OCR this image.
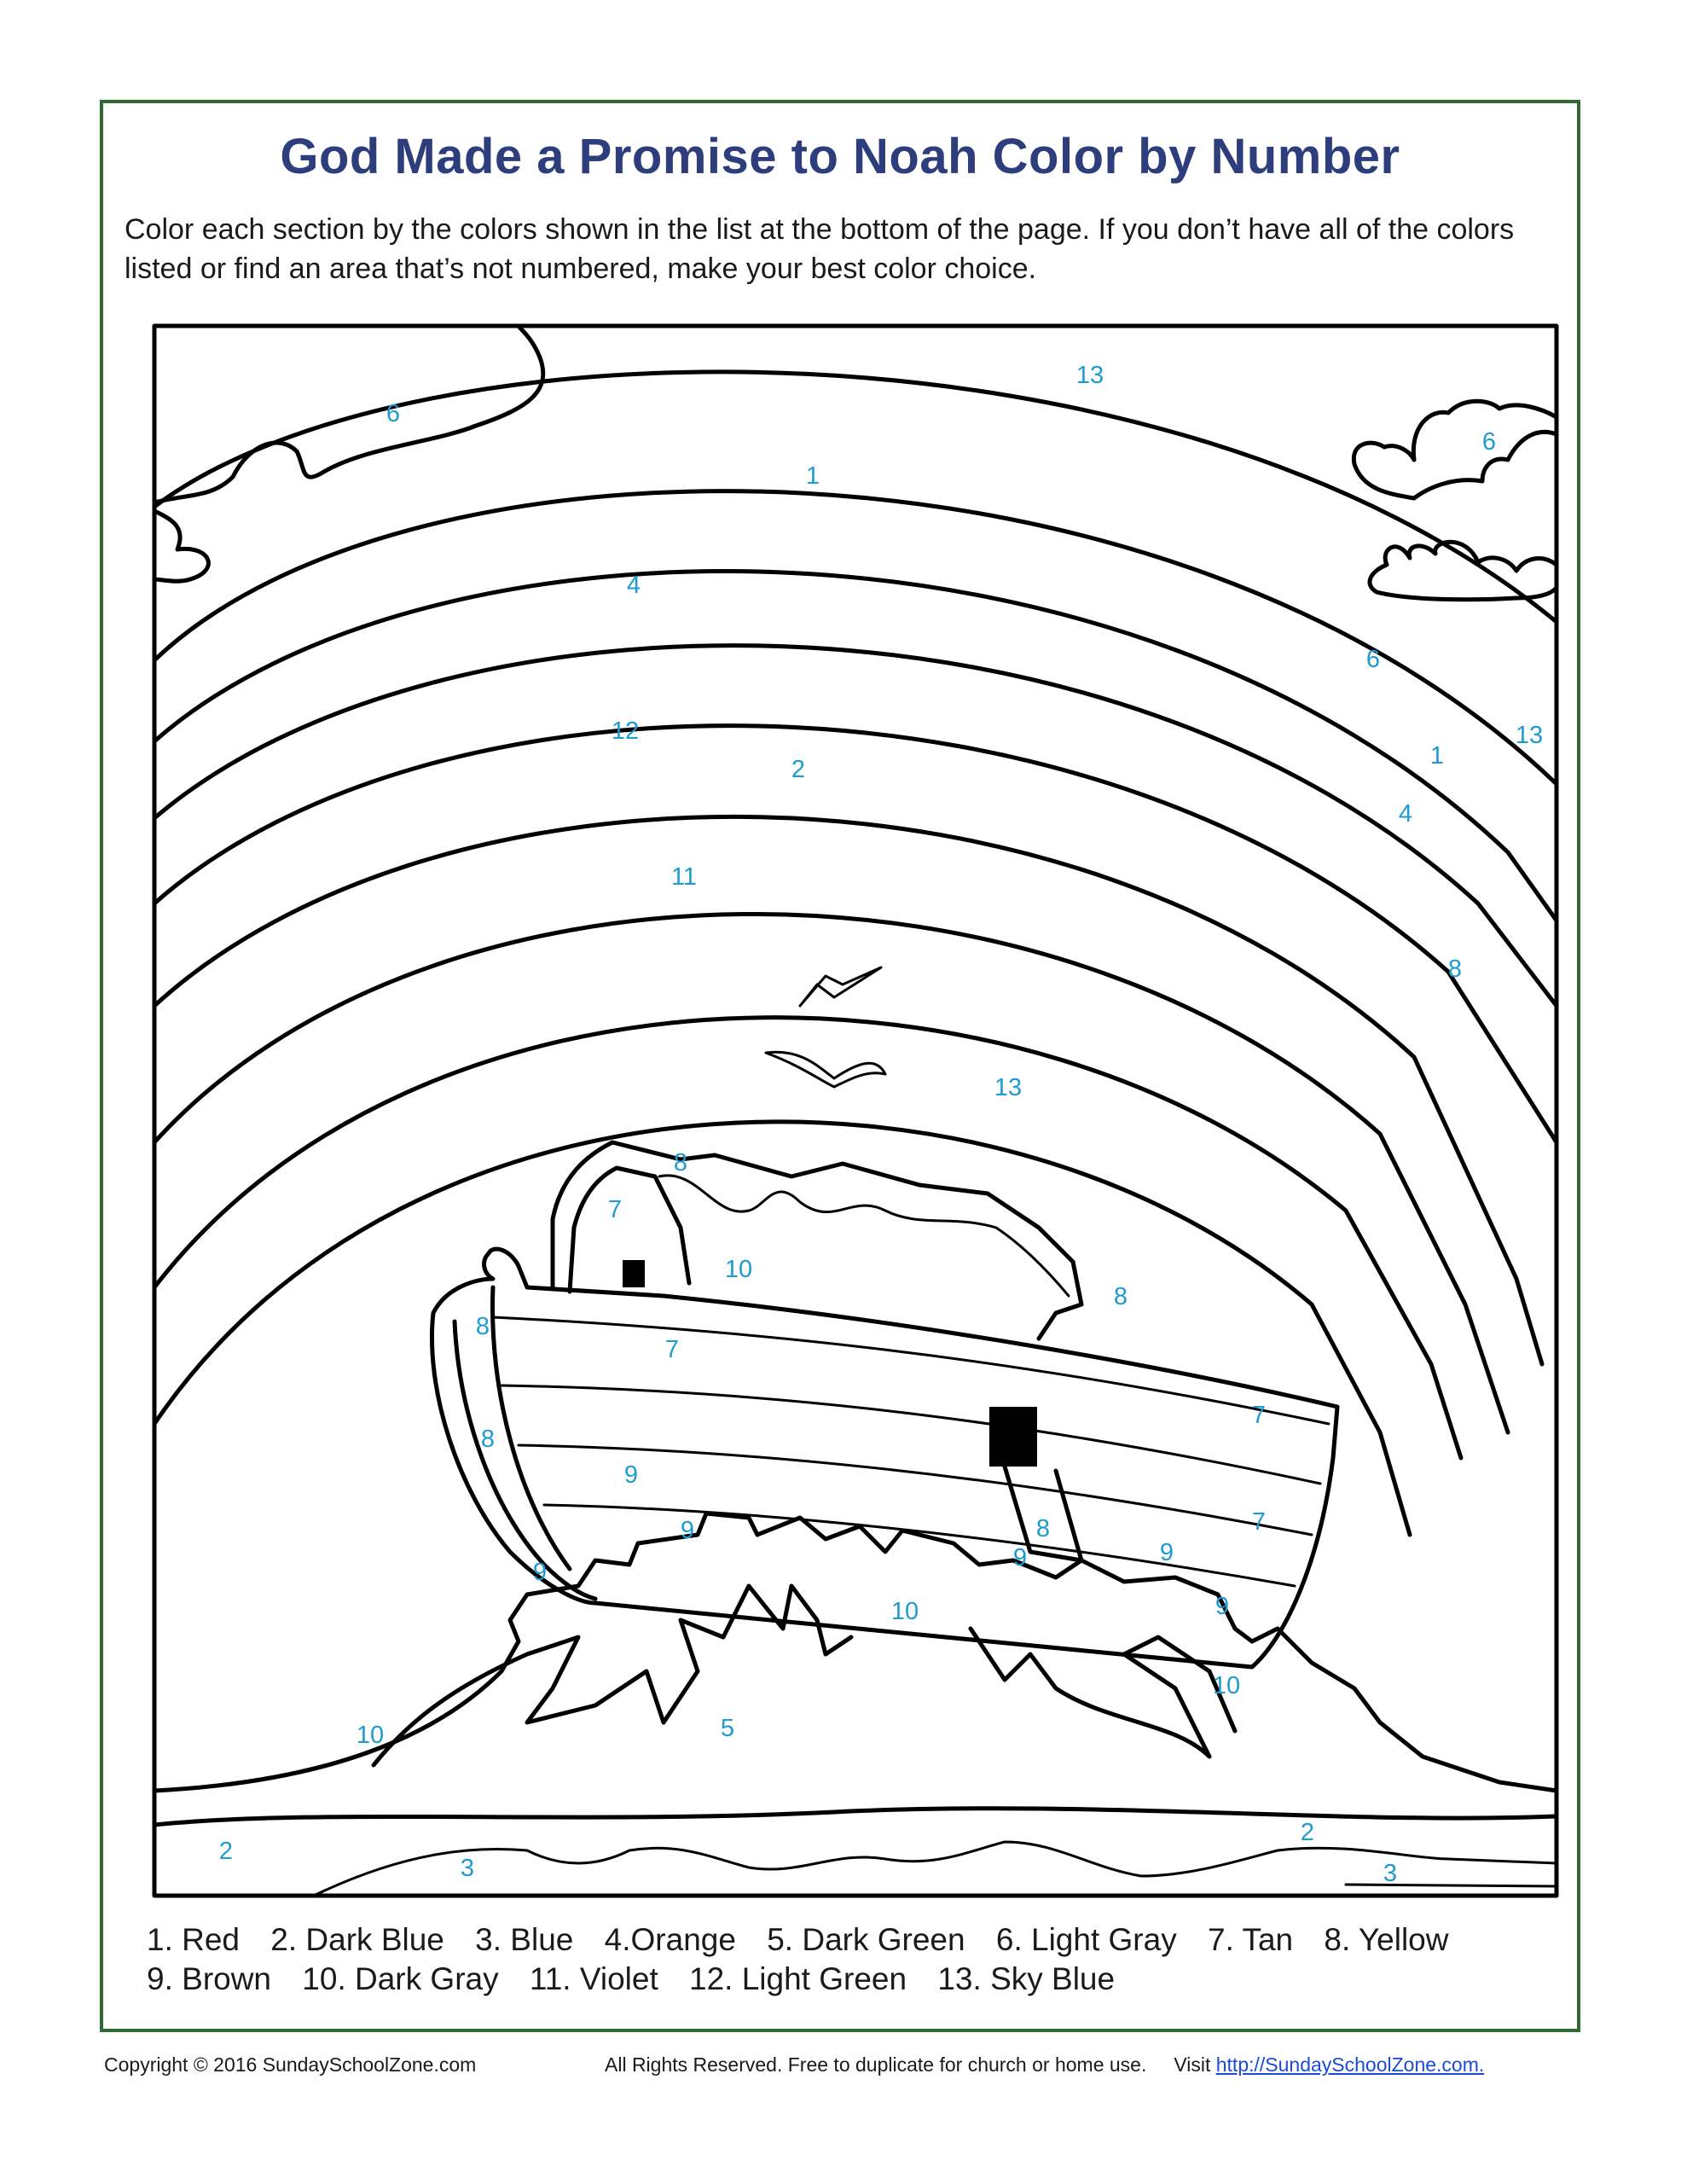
God Made a Promise to Noah Color by Number
Color each section by the colors shown in the list at the bottom of the page. If you don’t have all of the colors listed or find an area that’s not numbered, make your best color choice.
13
6
6
1
4
6
12
2
13
1
4
11
8
13
8
7
10
8
8
7
7
8
9
9	8	7
9
9
9
10	9
10
10	5
2
3
2
3
1. Red 2. Dark Blue 3. Blue 4.Orange 5. Dark Green 6. Light Gray 7. Tan 8. Yellow
9. Brown 10. Dark Gray 11. Violet 12. Light Green 13. Sky Blue
Copyright © 2016 SundaySchoolZone.com	All Rights Reserved. Free to duplicate for church or home use. Visit http://SundaySchoolZone.com.
